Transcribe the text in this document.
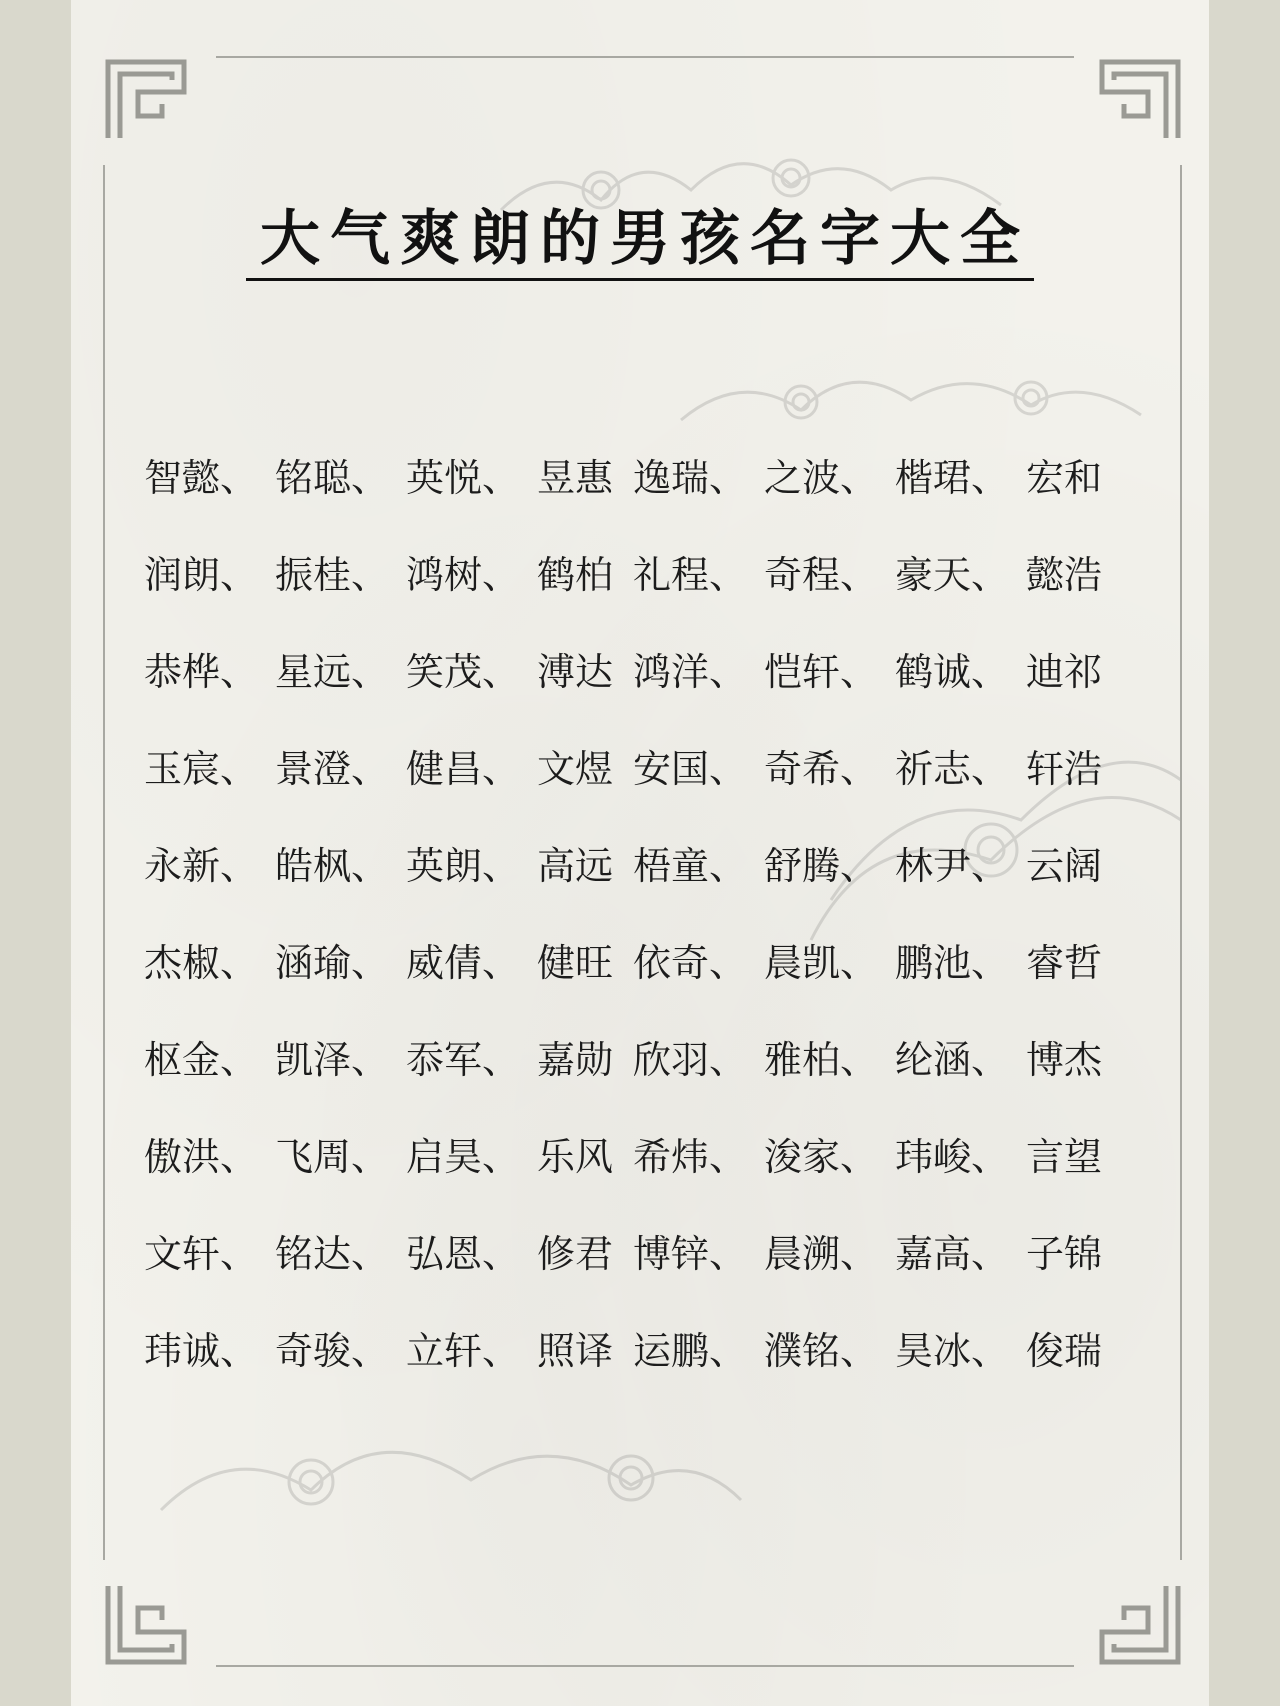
大气爽朗的男孩名字大全
智懿、 铭聪、 英悦、 昱惠 逸瑞、 之波、 楷珺、 宏和
润朗、 振桂、 鸿树、 鹤柏 礼程、 奇程、 豪天、 懿浩
恭桦、 星远、 笑茂、 溥达 鸿洋、 恺轩、 鹤诚、 迪祁
玉宸、 景澄、 健昌、 文煜 安国、 奇希、 祈志、 轩浩
永新、 皓枫、 英朗、 高远 梧童、 舒腾、 林尹、 云阔
杰椒、 涵瑜、 威倩、 健旺 依奇、 晨凯、 鹏池、 睿哲
枢金、 凯泽、 忝军、 嘉勋 欣羽、 雅柏、 纶涵、 博杰
傲洪、 飞周、 启昊、 乐风 希炜、 浚家、 玮峻、 言望
文轩、 铭达、 弘恩、 修君 博锌、 晨溯、 嘉高、 子锦
玮诚、 奇骏、 立轩、 照译 运鹏、 濮铭、 昊冰、 俊瑞
